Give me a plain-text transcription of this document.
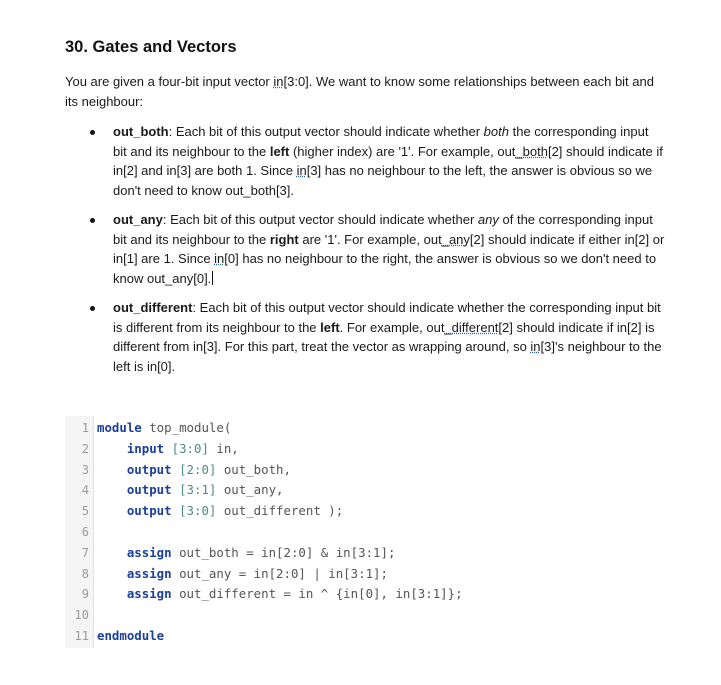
30. Gates and Vectors

You are given a four-bit input vector in[3:0]. We want to know some relationships between each bit and its neighbour:

out_both: Each bit of this output vector should indicate whether both the corresponding input bit and its neighbour to the left (higher index) are '1'. For example, out_both[2] should indicate if in[2] and in[3] are both 1. Since in[3] has no neighbour to the left, the answer is obvious so we don't need to know out_both[3].
out_any: Each bit of this output vector should indicate whether any of the corresponding input bit and its neighbour to the right are '1'. For example, out_any[2] should indicate if either in[2] or in[1] are 1. Since in[0] has no neighbour to the right, the answer is obvious so we don't need to know out_any[0].
out_different: Each bit of this output vector should indicate whether the corresponding input bit is different from its neighbour to the left. For example, out_different[2] should indicate if in[2] is different from in[3]. For this part, treat the vector as wrapping around, so in[3]'s neighbour to the left is in[0].
1 module top_module(
2	input [3:0] in,
3	output [2:0] out_both,
4	output [3:1] out_any,
5	output [3:0] out_different );
6
7	assign out_both = in[2:0] & in[3:1];
8	assign out_any = in[2:0] | in[3:1];
9	assign out_different = in ^ {in[0], in[3:1]};
10
11 endmodule
